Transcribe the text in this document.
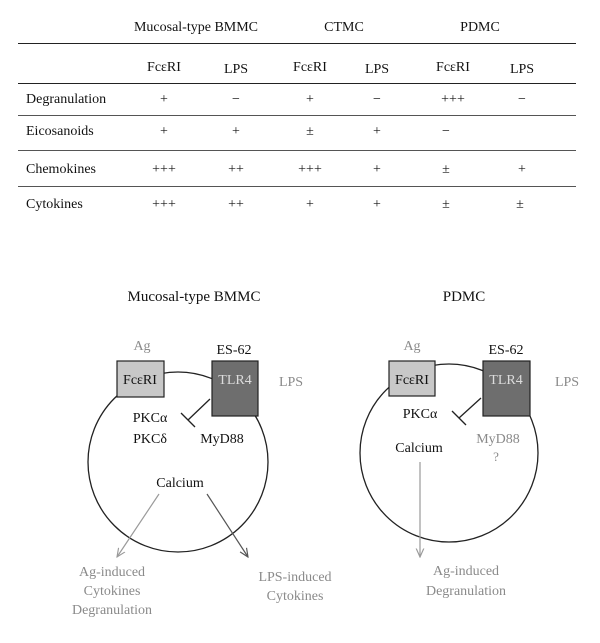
Mucosal-type BMMC	CTMC	PDMC
FcεRI	LPS	FcεRI	LPS	FcεRI	LPS
Degranulation	+	−	+	−	+++	−
Eicosanoids	+	+	±	+	−
Chemokines	+++	++	+++	+	±	+
Cytokines	+++	++	+	+	±	±
Mucosal-type BMMC
Ag
FcεRI
ES-62
TLR4 LPS
PKCα
PKCδ MyD88
Calcium
Ag-induced
Cytokines
Degranulation
LPS-induced
Cytokines
PDMC
Ag
FcεRI
ES-62
TLR4 LPS
PKCα
Calcium
MyD88
?
Ag-induced
Degranulation
